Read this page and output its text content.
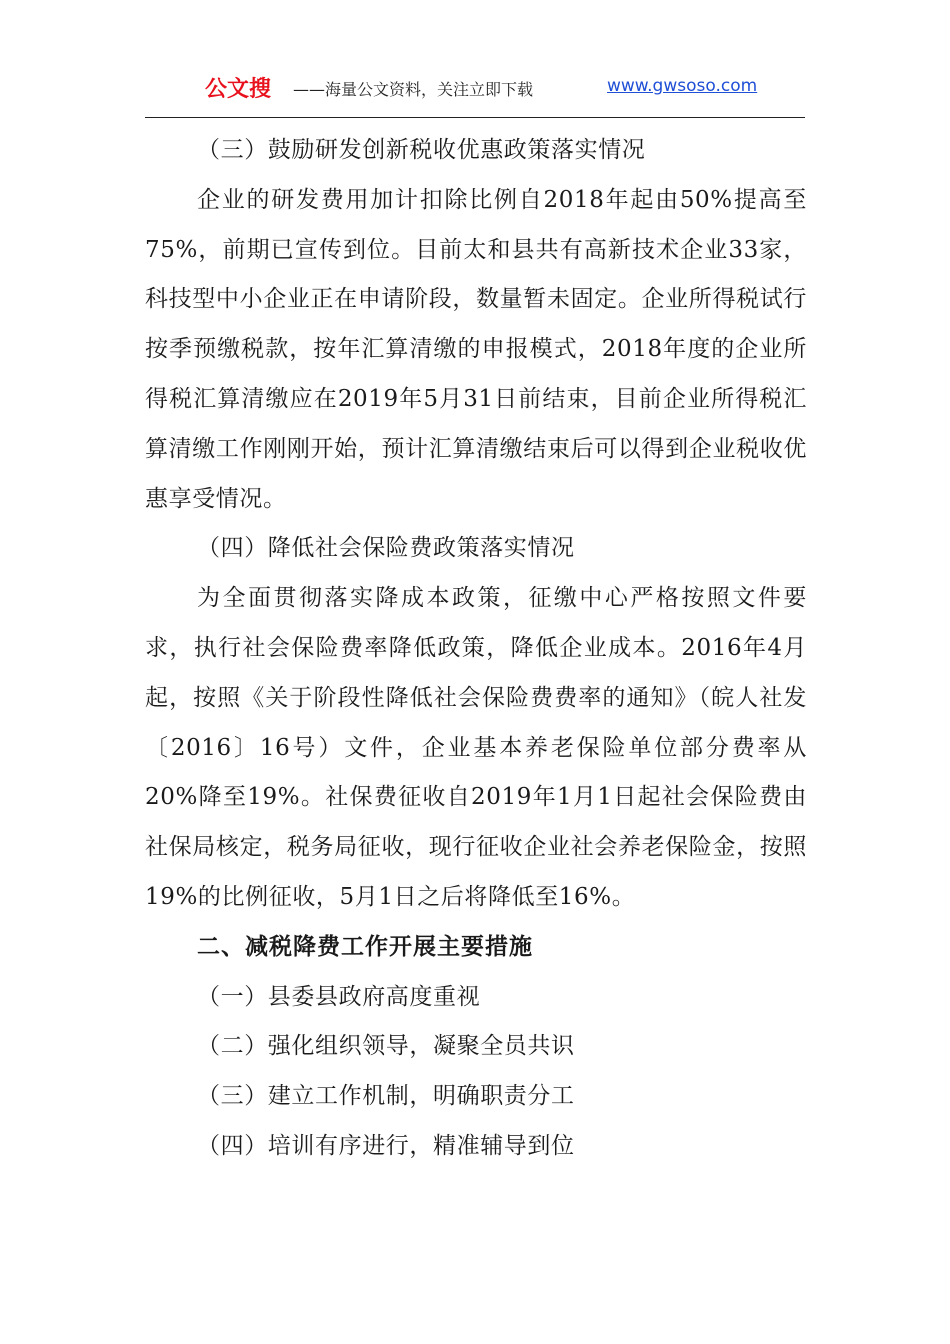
公文搜 ——海量公文资料，关注立即下载	www.gwsoso.com

（三）鼓励研发创新税收优惠政策落实情况

企业的研发费用加计扣除比例自2018年起由50%提高至75%，前期已宣传到位。目前太和县共有高新技术企业33家，科技型中小企业正在申请阶段，数量暂未固定。企业所得税试行按季预缴税款，按年汇算清缴的申报模式，2018年度的企业所得税汇算清缴应在2019年5月31日前结束，目前企业所得税汇算清缴工作刚刚开始，预计汇算清缴结束后可以得到企业税收优惠享受情况。

（四）降低社会保险费政策落实情况

为全面贯彻落实降成本政策，征缴中心严格按照文件要求，执行社会保险费率降低政策，降低企业成本。2016年4月起，按照《关于阶段性降低社会保险费费率的通知》（皖人社发〔2016〕16号）文件，企业基本养老保险单位部分费率从20%降至19%。社保费征收自2019年1月1日起社会保险费由社保局核定，税务局征收，现行征收企业社会养老保险金，按照19%的比例征收，5月1日之后将降低至16%。

二、减税降费工作开展主要措施

（一）县委县政府高度重视

（二）强化组织领导，凝聚全员共识

（三）建立工作机制，明确职责分工

（四）培训有序进行，精准辅导到位
